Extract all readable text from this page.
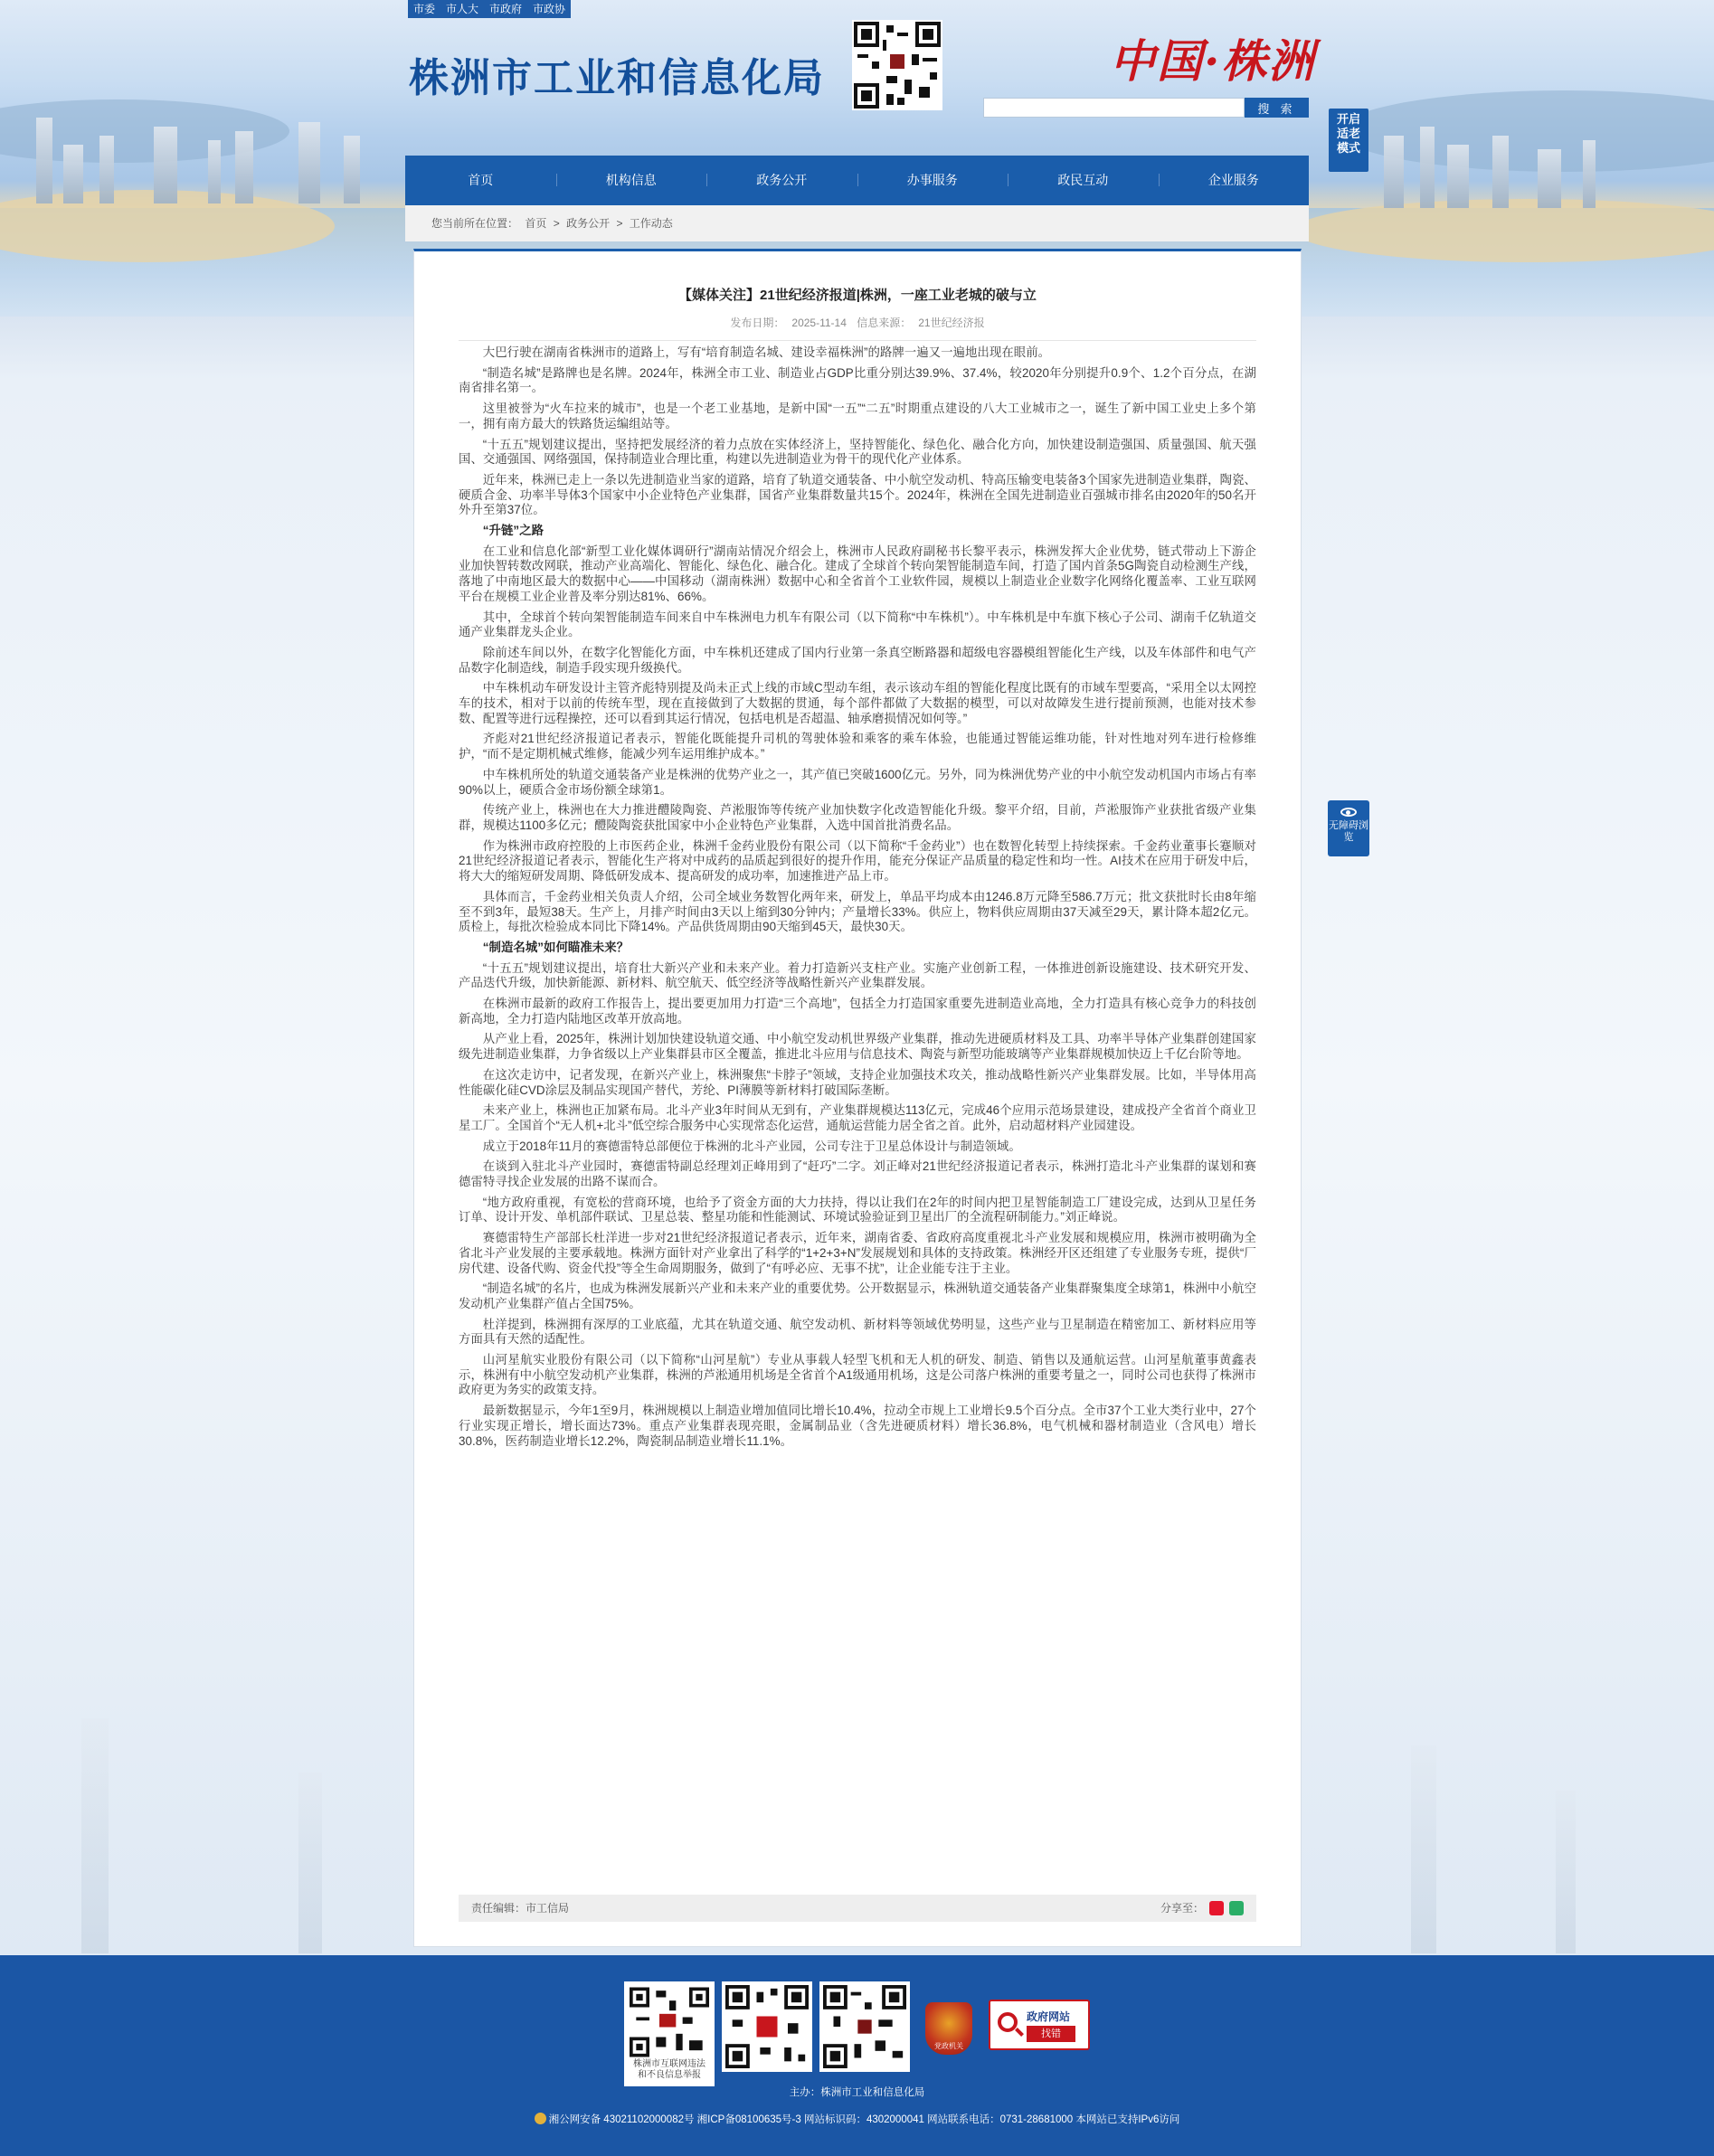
市委	市人大	市政府	市政协
株洲市工业和信息化局	中国·株洲
搜 索
开启适老模式
无障碍浏览
首页	机构信息	政务公开	办事服务	政民互动	企业服务
您当前所在位置： 首页 > 政务公开 > 工作动态
【媒体关注】21世纪经济报道|株洲，一座工业老城的破与立
发布日期： 2025-11-14 信息来源： 21世纪经济报

大巴行驶在湖南省株洲市的道路上，写有“培育制造名城、建设幸福株洲”的路牌一遍又一遍地出现在眼前。

“制造名城”是路牌也是名牌。2024年，株洲全市工业、制造业占GDP比重分别达39.9%、37.4%，较2020年分别提升0.9个、1.2个百分点，在湖南省排名第一。

这里被誉为“火车拉来的城市”，也是一个老工业基地，是新中国“一五”“二五”时期重点建设的八大工业城市之一，诞生了新中国工业史上多个第一，拥有南方最大的铁路货运编组站等。

“十五五”规划建议提出，坚持把发展经济的着力点放在实体经济上，坚持智能化、绿色化、融合化方向，加快建设制造强国、质量强国、航天强国、交通强国、网络强国，保持制造业合理比重，构建以先进制造业为骨干的现代化产业体系。

近年来，株洲已走上一条以先进制造业当家的道路，培育了轨道交通装备、中小航空发动机、特高压输变电装备3个国家先进制造业集群，陶瓷、硬质合金、功率半导体3个国家中小企业特色产业集群，国省产业集群数量共15个。2024年，株洲在全国先进制造业百强城市排名由2020年的50名开外升至第37位。

“升链”之路

在工业和信息化部“新型工业化媒体调研行”湖南站情况介绍会上，株洲市人民政府副秘书长黎平表示，株洲发挥大企业优势，链式带动上下游企业加快智转数改网联，推动产业高端化、智能化、绿色化、融合化。建成了全球首个转向架智能制造车间，打造了国内首条5G陶瓷自动检测生产线，落地了中南地区最大的数据中心——中国移动（湖南株洲）数据中心和全省首个工业软件园，规模以上制造业企业数字化网络化覆盖率、工业互联网平台在规模工业企业普及率分别达81%、66%。

其中，全球首个转向架智能制造车间来自中车株洲电力机车有限公司（以下简称“中车株机”）。中车株机是中车旗下核心子公司、湖南千亿轨道交通产业集群龙头企业。

除前述车间以外，在数字化智能化方面，中车株机还建成了国内行业第一条真空断路器和超级电容器模组智能化生产线，以及车体部件和电气产品数字化制造线，制造手段实现升级换代。

中车株机动车研发设计主管齐彪特别提及尚未正式上线的市域C型动车组，表示该动车组的智能化程度比既有的市域车型要高，“采用全以太网控车的技术，相对于以前的传统车型，现在直接做到了大数据的贯通，每个部件都做了大数据的模型，可以对故障发生进行提前预测，也能对技术参数、配置等进行远程操控，还可以看到其运行情况，包括电机是否超温、轴承磨损情况如何等。”

齐彪对21世纪经济报道记者表示，智能化既能提升司机的驾驶体验和乘客的乘车体验，也能通过智能运维功能，针对性地对列车进行检修维护，“而不是定期机械式维修，能减少列车运用维护成本。”

中车株机所处的轨道交通装备产业是株洲的优势产业之一，其产值已突破1600亿元。另外，同为株洲优势产业的中小航空发动机国内市场占有率90%以上，硬质合金市场份额全球第1。

传统产业上，株洲也在大力推进醴陵陶瓷、芦淞服饰等传统产业加快数字化改造智能化升级。黎平介绍，目前，芦淞服饰产业获批省级产业集群，规模达1100多亿元；醴陵陶瓷获批国家中小企业特色产业集群，入选中国首批消费名品。

作为株洲市政府控股的上市医药企业，株洲千金药业股份有限公司（以下简称“千金药业”）也在数智化转型上持续探索。千金药业董事长蹇顺对21世纪经济报道记者表示，智能化生产将对中成药的品质起到很好的提升作用，能充分保证产品质量的稳定性和均一性。AI技术在应用于研发中后，将大大的缩短研发周期、降低研发成本、提高研发的成功率，加速推进产品上市。

具体而言，千金药业相关负责人介绍，公司全域业务数智化两年来，研发上，单品平均成本由1246.8万元降至586.7万元；批文获批时长由8年缩至不到3年，最短38天。生产上，月排产时间由3天以上缩到30分钟内；产量增长33%。供应上，物料供应周期由37天减至29天，累计降本超2亿元。质检上，每批次检验成本同比下降14%。产品供货周期由90天缩到45天，最快30天。

“制造名城”如何瞄准未来？

“十五五”规划建议提出，培育壮大新兴产业和未来产业。着力打造新兴支柱产业。实施产业创新工程，一体推进创新设施建设、技术研究开发、产品迭代升级，加快新能源、新材料、航空航天、低空经济等战略性新兴产业集群发展。

在株洲市最新的政府工作报告上，提出要更加用力打造“三个高地”，包括全力打造国家重要先进制造业高地，全力打造具有核心竞争力的科技创新高地，全力打造内陆地区改革开放高地。

从产业上看，2025年，株洲计划加快建设轨道交通、中小航空发动机世界级产业集群，推动先进硬质材料及工具、功率半导体产业集群创建国家级先进制造业集群，力争省级以上产业集群县市区全覆盖，推进北斗应用与信息技术、陶瓷与新型功能玻璃等产业集群规模加快迈上千亿台阶等地。

在这次走访中，记者发现，在新兴产业上，株洲聚焦“卡脖子”领域，支持企业加强技术攻关，推动战略性新兴产业集群发展。比如，半导体用高性能碳化硅CVD涂层及制品实现国产替代，芳纶、PI薄膜等新材料打破国际垄断。

未来产业上，株洲也正加紧布局。北斗产业3年时间从无到有，产业集群规模达113亿元，完成46个应用示范场景建设，建成投产全省首个商业卫星工厂。全国首个“无人机+北斗”低空综合服务中心实现常态化运营，通航运营能力居全省之首。此外，启动超材料产业园建设。

成立于2018年11月的赛德雷特总部便位于株洲的北斗产业园，公司专注于卫星总体设计与制造领域。

在谈到入驻北斗产业园时，赛德雷特副总经理刘正峰用到了“赶巧”二字。刘正峰对21世纪经济报道记者表示，株洲打造北斗产业集群的谋划和赛德雷特寻找企业发展的出路不谋而合。

“地方政府重视，有宽松的营商环境，也给予了资金方面的大力扶持，得以让我们在2年的时间内把卫星智能制造工厂建设完成，达到从卫星任务订单、设计开发、单机部件联试、卫星总装、整星功能和性能测试、环境试验验证到卫星出厂的全流程研制能力。”刘正峰说。

赛德雷特生产部部长杜洋进一步对21世纪经济报道记者表示，近年来，湖南省委、省政府高度重视北斗产业发展和规模应用，株洲市被明确为全省北斗产业发展的主要承载地。株洲方面针对产业拿出了科学的“1+2+3+N”发展规划和具体的支持政策。株洲经开区还组建了专业服务专班，提供“厂房代建、设备代购、资金代投”等全生命周期服务，做到了“有呼必应、无事不扰”，让企业能专注于主业。

“制造名城”的名片，也成为株洲发展新兴产业和未来产业的重要优势。公开数据显示，株洲轨道交通装备产业集群聚集度全球第1，株洲中小航空发动机产业集群产值占全国75%。

杜洋提到，株洲拥有深厚的工业底蕴，尤其在轨道交通、航空发动机、新材料等领域优势明显，这些产业与卫星制造在精密加工、新材料应用等方面具有天然的适配性。

山河星航实业股份有限公司（以下简称“山河星航”）专业从事载人轻型飞机和无人机的研发、制造、销售以及通航运营。山河星航董事黄鑫表示，株洲有中小航空发动机产业集群，株洲的芦淞通用机场是全省首个A1级通用机场，这是公司落户株洲的重要考量之一，同时公司也获得了株洲市政府更为务实的政策支持。

最新数据显示，今年1至9月，株洲规模以上制造业增加值同比增长10.4%，拉动全市规上工业增长9.5个百分点。全市37个工业大类行业中，27个行业实现正增长，增长面达73%。重点产业集群表现亮眼，金属制品业（含先进硬质材料）增长36.8%，电气机械和器材制造业（含风电）增长30.8%，医药制造业增长12.2%，陶瓷制品制造业增长11.1%。

责任编辑：市工信局	分享至：
株洲市互联网违法和不良信息举报
党政机关
政府网站
找错
主办：株洲市工业和信息化局
湘公网安备 43021102000082号 湘ICP备08100635号-3 网站标识码：4302000041 网站联系电话：0731-28681000 本网站已支持IPv6访问
